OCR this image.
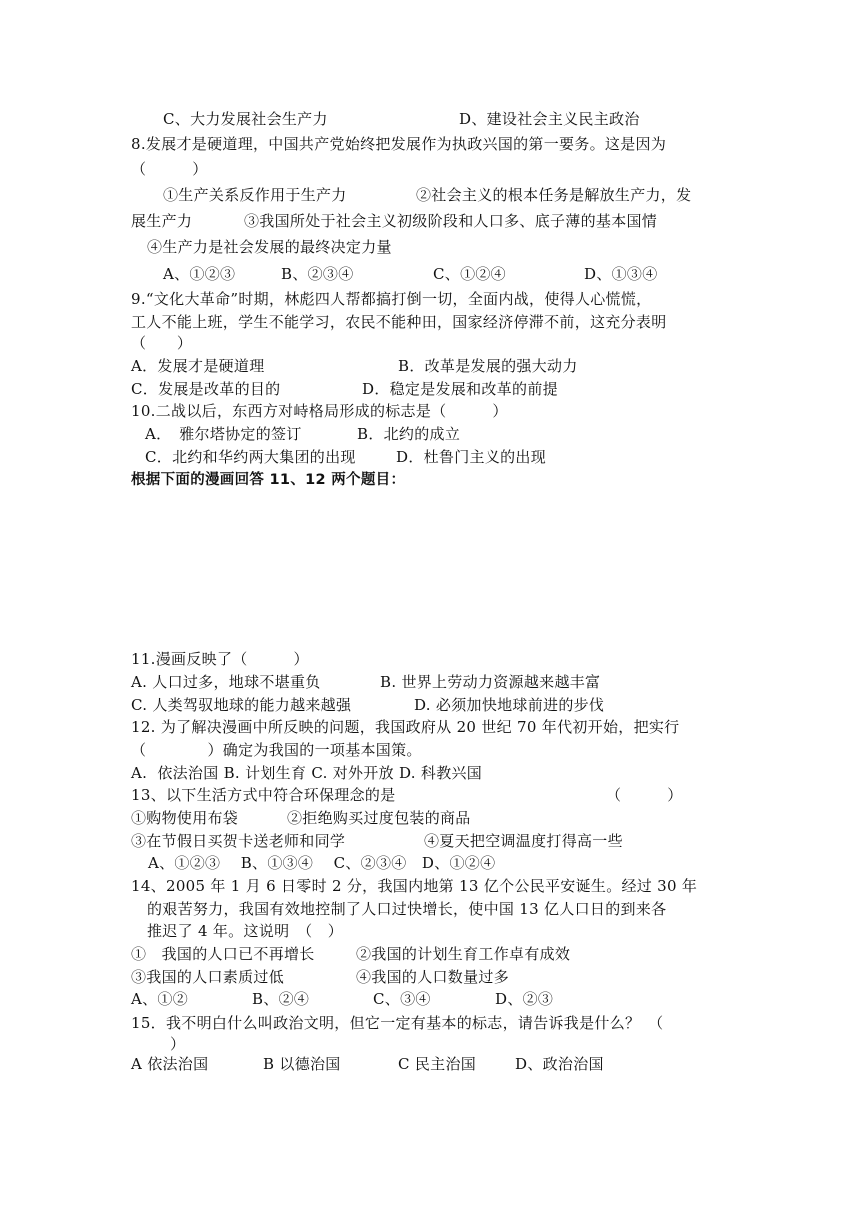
C、大力发展社会生产力	D、建设社会主义民主政治
8.发展才是硬道理，中国共产党始终把发展作为执政兴国的第一要务。这是因为
（　　　）
①生产关系反作用于生产力	②社会主义的根本任务是解放生产力，发
展生产力	③我国所处于社会主义初级阶段和人口多、底子薄的基本国情
④生产力是社会发展的最终决定力量
A、①②③	B、②③④	C、①②④	D、①③④
9.“文化大革命”时期，林彪四人帮都搞打倒一切，全面内战，使得人心慌慌，
工人不能上班，学生不能学习，农民不能种田，国家经济停滞不前，这充分表明
（　　）
A．发展才是硬道理	B．改革是发展的强大动力
C．发展是改革的目的	D．稳定是发展和改革的前提
10.二战以后，东西方对峙格局形成的标志是（　　　）
A．　雅尔塔协定的签订	B．北约的成立
C．北约和华约两大集团的出现	D．杜鲁门主义的出现
根据下面的漫画回答 11、12 两个题目：
11.漫画反映了（　　　）
A. 人口过多，地球不堪重负	B. 世界上劳动力资源越来越丰富
C. 人类驾驭地球的能力越来越强	D. 必须加快地球前进的步伐
12. 为了解决漫画中所反映的问题，我国政府从 20 世纪 70 年代初开始，把实行
（　　　　）确定为我国的一项基本国策。
A.  依法治国 B. 计划生育 C. 对外开放 D. 科教兴国
13、以下生活方式中符合环保理念的是	（　　　）
①购物使用布袋	②拒绝购买过度包装的商品
③在节假日买贺卡送老师和同学	④夏天把空调温度打得高一些
A、①②③　 B、①③④　 C、②③④　D、①②④
14、2005 年 1 月 6 日零时 2 分，我国内地第 13 亿个公民平安诞生。经过 30 年
的艰苦努力，我国有效地控制了人口过快增长，使中国 13 亿人口日的到来各
推迟了 4 年。这说明　（　）
①　我国的人口已不再增长	②我国的计划生育工作卓有成效
③我国的人口素质过低	④我国的人口数量过多
A、①②	B、②④	C、③④	D、②③
15．我不明白什么叫政治文明，但它一定有基本的标志，请告诉我是什么？　（
）
A 依法治国	B 以德治国	C 民主治国	D、政治治国
